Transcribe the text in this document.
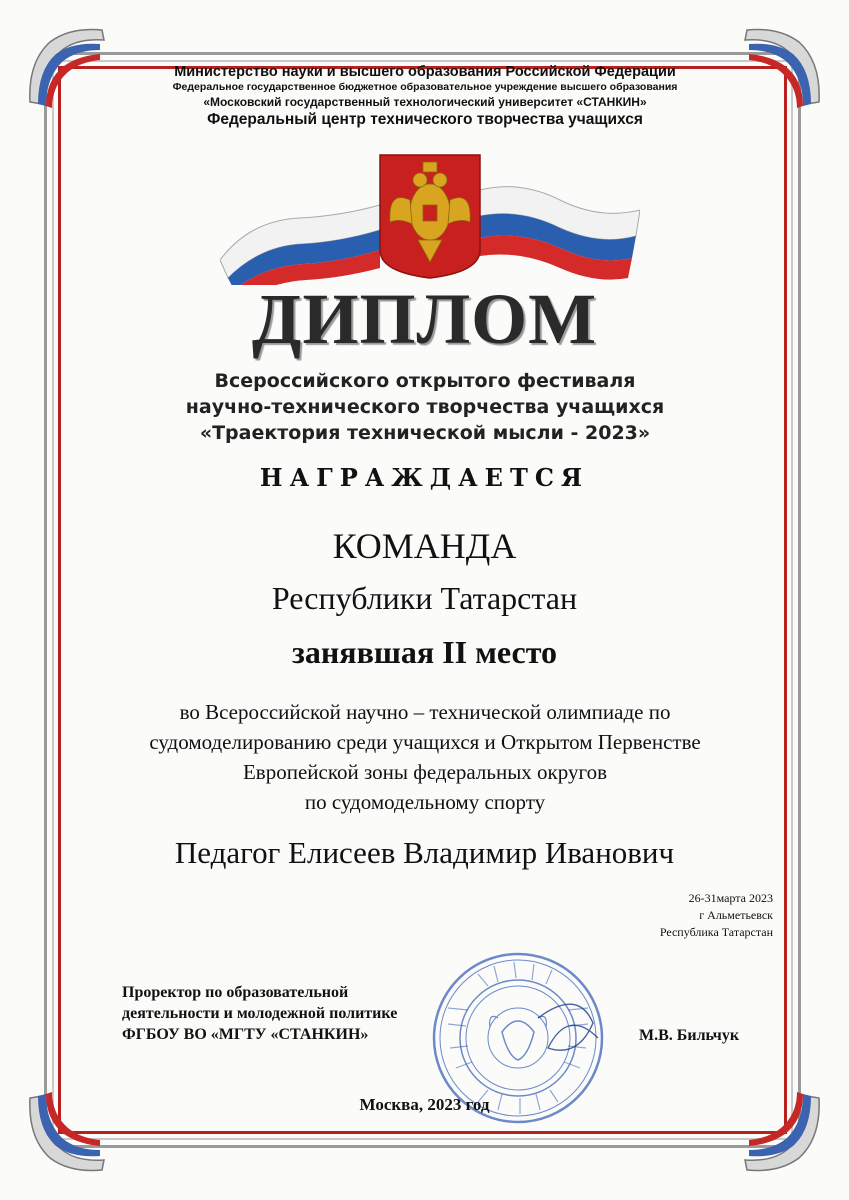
Министерство науки и высшего образования Российской Федерации
Федеральное государственное бюджетное образовательное учреждение высшего образования
«Московский государственный технологический университет «СТАНКИН»
Федеральный центр технического творчества учащихся
ДИПЛОМ
Всероссийского открытого фестиваля
научно-технического творчества учащихся
«Траектория технической мысли - 2023»
НАГРАЖДАЕТСЯ
КОМАНДА
Республики Татарстан
занявшая II место
во Всероссийской научно – технической олимпиаде по
судомоделированию среди учащихся и Открытом Первенстве
Европейской зоны федеральных округов
по судомодельному спорту
Педагог Елисеев Владимир Иванович
26-31марта 2023
г Альметьевск
Республика Татарстан
Проректор по образовательной
деятельности и молодежной политике
ФГБОУ ВО «МГТУ «СТАНКИН»	М.В. Бильчук
Москва, 2023 год
